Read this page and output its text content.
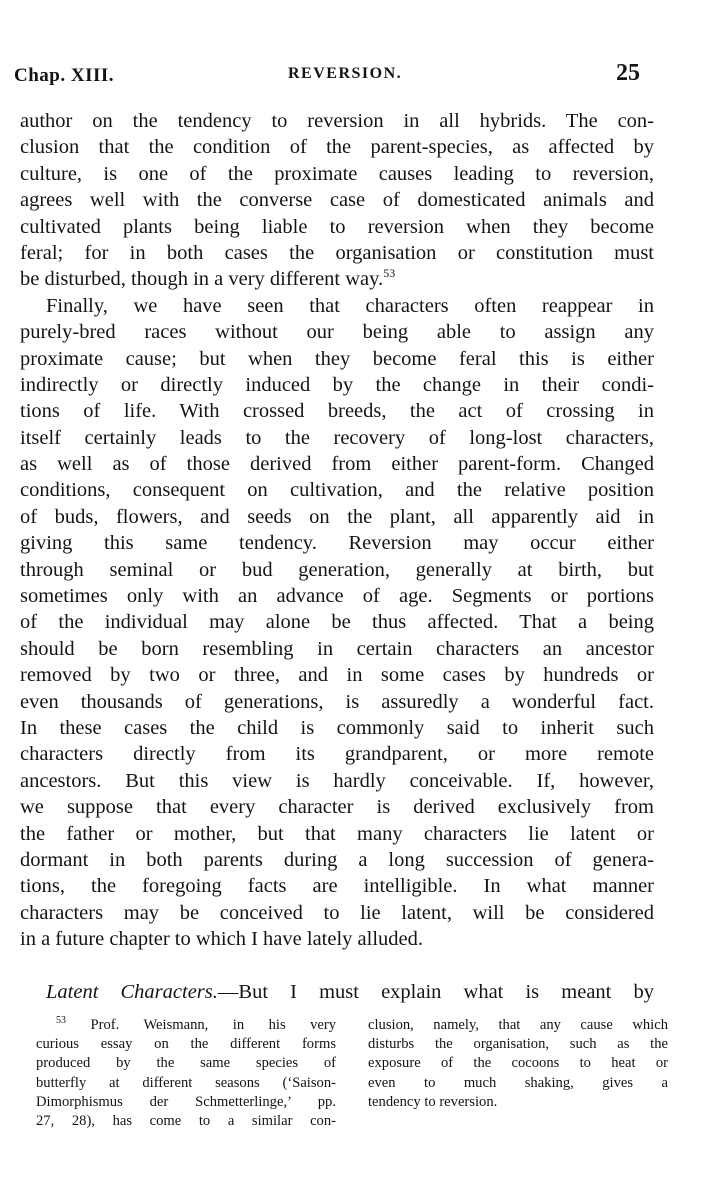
Chap. XIII.	REVERSION.	25
author on the tendency to reversion in all hybrids. The con-
clusion that the condition of the parent-species, as affected by
culture, is one of the proximate causes leading to reversion,
agrees well with the converse case of domesticated animals and
cultivated plants being liable to reversion when they become
feral; for in both cases the organisation or constitution must
be disturbed, though in a very different way.$^{53}$
Finally, we have seen that characters often reappear in
purely-bred races without our being able to assign any
proximate cause; but when they become feral this is either
indirectly or directly induced by the change in their condi-
tions of life. With crossed breeds, the act of crossing in
itself certainly leads to the recovery of long-lost characters,
as well as of those derived from either parent-form. Changed
conditions, consequent on cultivation, and the relative position
of buds, flowers, and seeds on the plant, all apparently aid in
giving this same tendency. Reversion may occur either
through seminal or bud generation, generally at birth, but
sometimes only with an advance of age. Segments or portions
of the individual may alone be thus affected. That a being
should be born resembling in certain characters an ancestor
removed by two or three, and in some cases by hundreds or
even thousands of generations, is assuredly a wonderful fact.
In these cases the child is commonly said to inherit such
characters directly from its grandparent, or more remote
ancestors. But this view is hardly conceivable. If, however,
we suppose that every character is derived exclusively from
the father or mother, but that many characters lie latent or
dormant in both parents during a long succession of genera-
tions, the foregoing facts are intelligible. In what manner
characters may be conceived to lie latent, will be considered
in a future chapter to which I have lately alluded.
Latent Characters.—But I must explain what is meant by
$^{53}$ Prof. Weismann, in his very
curious essay on the different forms
produced by the same species of
butterfly at different seasons (‘Saison-
Dimorphismus der Schmetterlinge,’ pp.
27, 28), has come to a similar con-
clusion, namely, that any cause which
disturbs the organisation, such as the
exposure of the cocoons to heat or
even to much shaking, gives a
tendency to reversion.
